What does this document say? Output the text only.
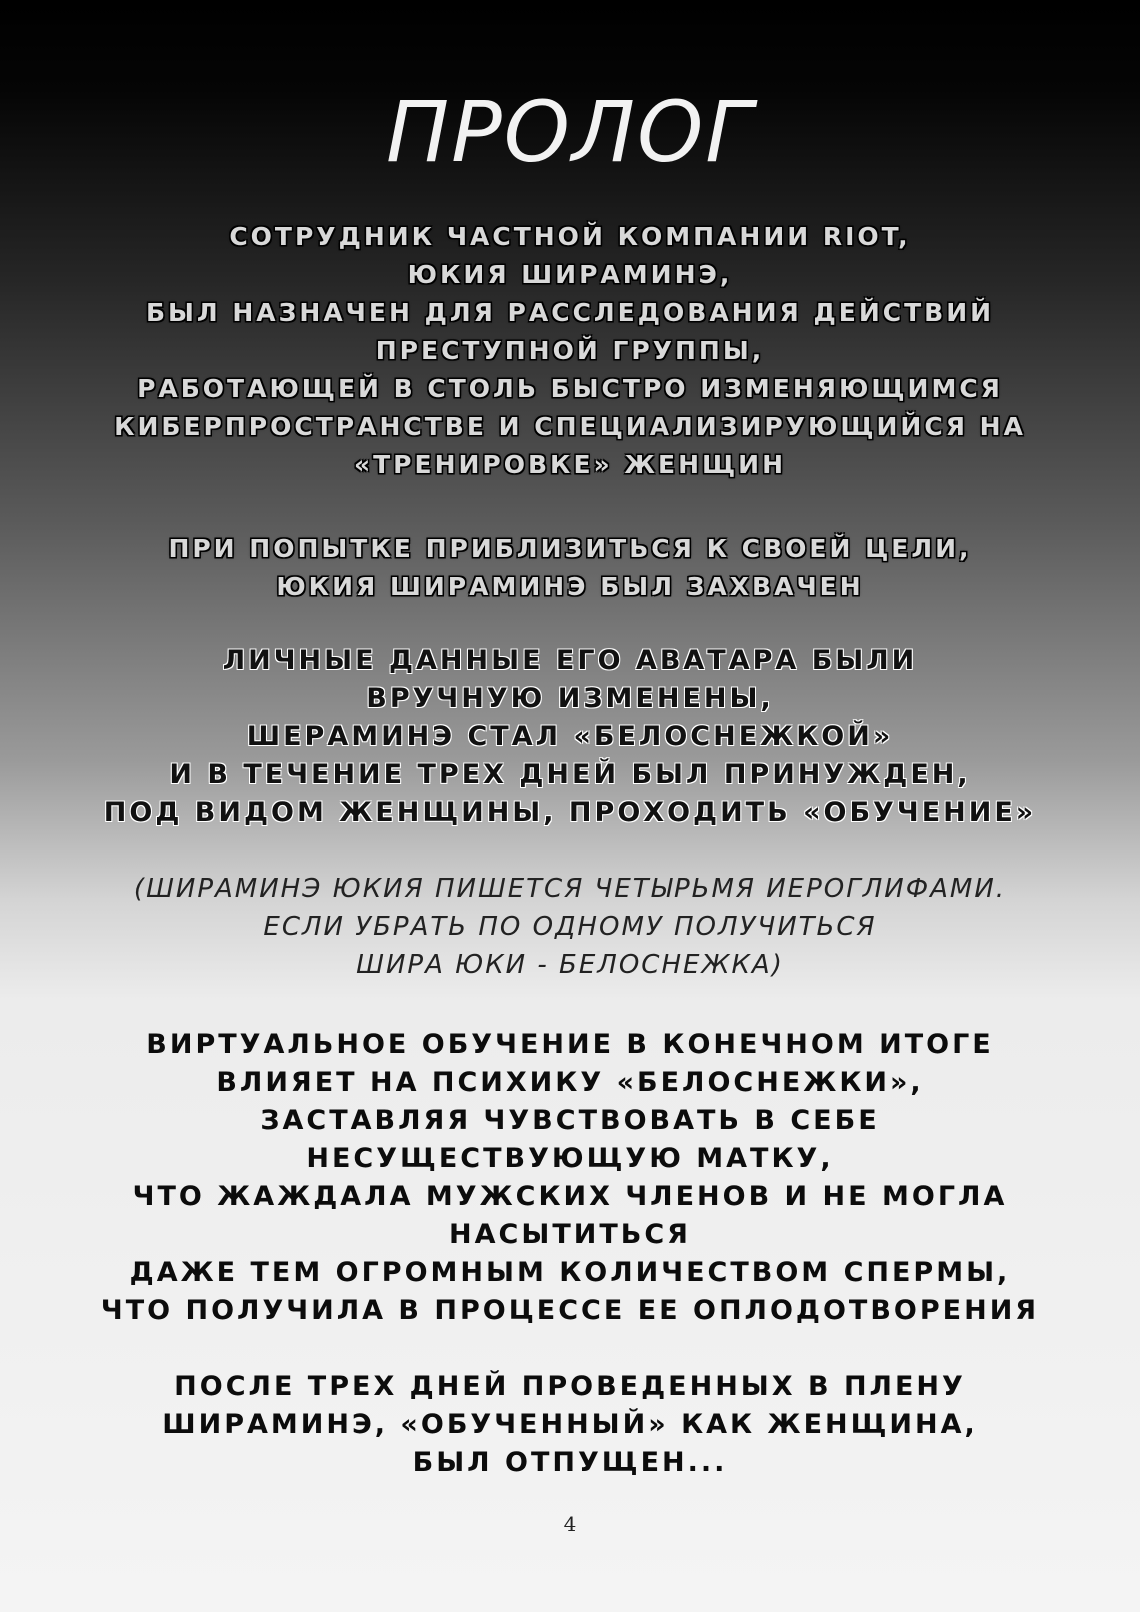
ПРОЛОГ
СОТРУДНИК ЧАСТНОЙ КОМПАНИИ RIOT,
ЮКИЯ ШИРАМИНЭ,
БЫЛ НАЗНАЧЕН ДЛЯ РАССЛЕДОВАНИЯ ДЕЙСТВИЙ
ПРЕСТУПНОЙ ГРУППЫ,
РАБОТАЮЩЕЙ В СТОЛЬ БЫСТРО ИЗМЕНЯЮЩИМСЯ
КИБЕРПРОСТРАНСТВЕ И СПЕЦИАЛИЗИРУЮЩИЙСЯ НА
«ТРЕНИРОВКЕ» ЖЕНЩИН
ПРИ ПОПЫТКЕ ПРИБЛИЗИТЬСЯ К СВОЕЙ ЦЕЛИ,
ЮКИЯ ШИРАМИНЭ БЫЛ ЗАХВАЧЕН
ЛИЧНЫЕ ДАННЫЕ ЕГО АВАТАРА БЫЛИ
ВРУЧНУЮ ИЗМЕНЕНЫ,
ШЕРАМИНЭ СТАЛ «БЕЛОСНЕЖКОЙ»
И В ТЕЧЕНИЕ ТРЕХ ДНЕЙ БЫЛ ПРИНУЖДЕН,
ПОД ВИДОМ ЖЕНЩИНЫ, ПРОХОДИТЬ «ОБУЧЕНИЕ»
(ШИРАМИНЭ ЮКИЯ ПИШЕТСЯ ЧЕТЫРЬМЯ ИЕРОГЛИФАМИ.
ЕСЛИ УБРАТЬ ПО ОДНОМУ ПОЛУЧИТЬСЯ
ШИРА ЮКИ - БЕЛОСНЕЖКА)
ВИРТУАЛЬНОЕ ОБУЧЕНИЕ В КОНЕЧНОМ ИТОГЕ
ВЛИЯЕТ НА ПСИХИКУ «БЕЛОСНЕЖКИ»,
ЗАСТАВЛЯЯ ЧУВСТВОВАТЬ В СЕБЕ
НЕСУЩЕСТВУЮЩУЮ МАТКУ,
ЧТО ЖАЖДАЛА МУЖСКИХ ЧЛЕНОВ И НЕ МОГЛА
НАСЫТИТЬСЯ
ДАЖЕ ТЕМ ОГРОМНЫМ КОЛИЧЕСТВОМ СПЕРМЫ,
ЧТО ПОЛУЧИЛА В ПРОЦЕССЕ ЕЕ ОПЛОДОТВОРЕНИЯ
ПОСЛЕ ТРЕХ ДНЕЙ ПРОВЕДЕННЫХ В ПЛЕНУ
ШИРАМИНЭ, «ОБУЧЕННЫЙ» КАК ЖЕНЩИНА,
БЫЛ ОТПУЩЕН...
4
